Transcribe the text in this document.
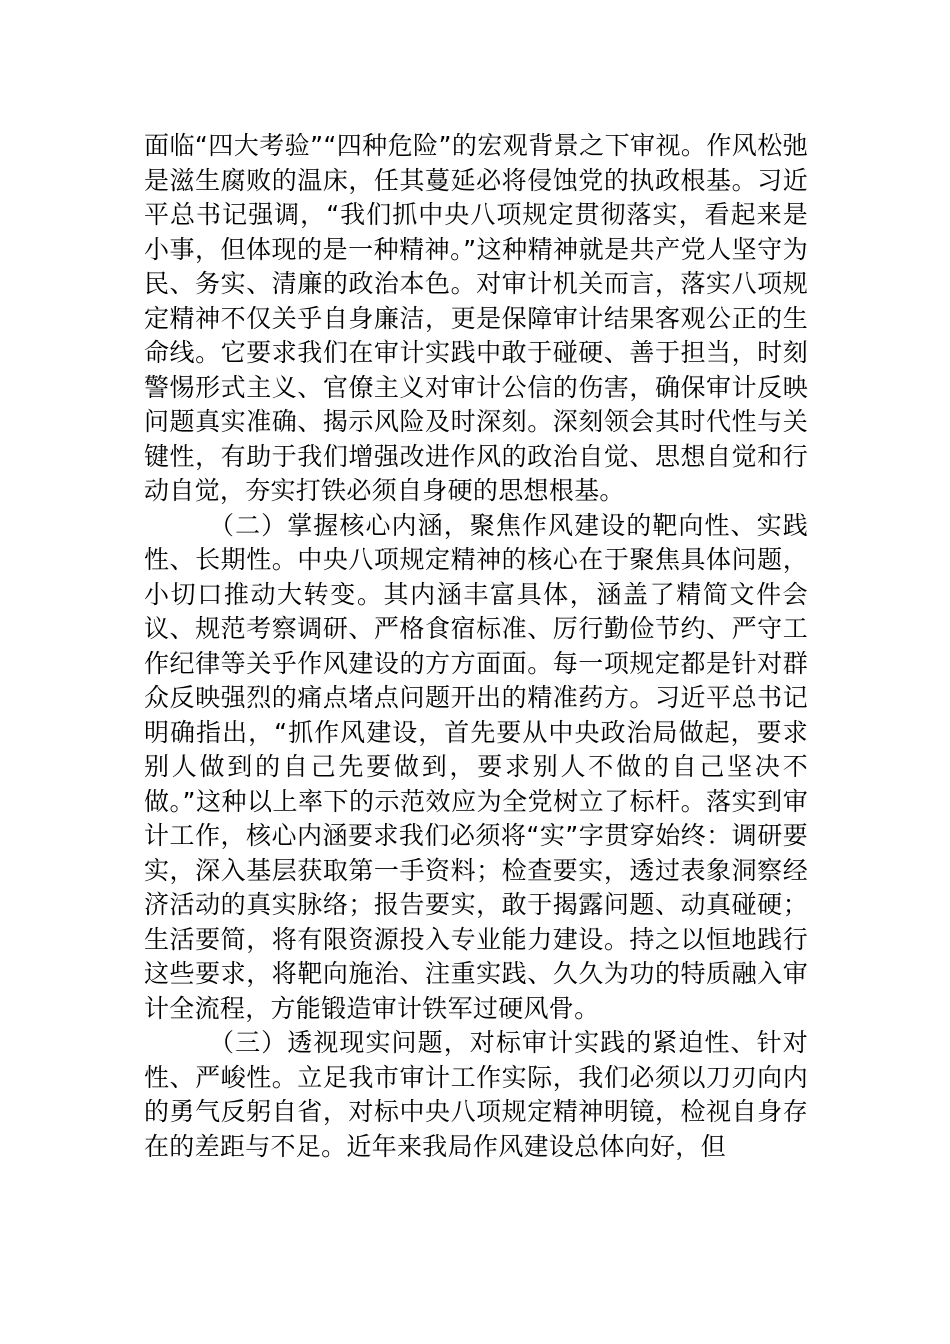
面临“四大考验”“四种危险”的宏观背景之下审视。作风松弛是滋生腐败的温床，任其蔓延必将侵蚀党的执政根基。习近平总书记强调，“我们抓中央八项规定贯彻落实，看起来是小事，但体现的是一种精神。”这种精神就是共产党人坚守为民、务实、清廉的政治本色。对审计机关而言，落实八项规定精神不仅关乎自身廉洁，更是保障审计结果客观公正的生命线。它要求我们在审计实践中敢于碰硬、善于担当，时刻警惕形式主义、官僚主义对审计公信的伤害，确保审计反映问题真实准确、揭示风险及时深刻。深刻领会其时代性与关键性，有助于我们增强改进作风的政治自觉、思想自觉和行动自觉，夯实打铁必须自身硬的思想根基。

（二）掌握核心内涵，聚焦作风建设的靶向性、实践性、长期性。中央八项规定精神的核心在于聚焦具体问题，小切口推动大转变。其内涵丰富具体，涵盖了精简文件会议、规范考察调研、严格食宿标准、厉行勤俭节约、严守工作纪律等关乎作风建设的方方面面。每一项规定都是针对群众反映强烈的痛点堵点问题开出的精准药方。习近平总书记明确指出，“抓作风建设，首先要从中央政治局做起，要求别人做到的自己先要做到，要求别人不做的自己坚决不做。”这种以上率下的示范效应为全党树立了标杆。落实到审计工作，核心内涵要求我们必须将“实”字贯穿始终：调研要实，深入基层获取第一手资料；检查要实，透过表象洞察经济活动的真实脉络；报告要实，敢于揭露问题、动真碰硬；生活要简，将有限资源投入专业能力建设。持之以恒地践行这些要求，将靶向施治、注重实践、久久为功的特质融入审计全流程，方能锻造审计铁军过硬风骨。

（三）透视现实问题，对标审计实践的紧迫性、针对性、严峻性。立足我市审计工作实际，我们必须以刀刃向内的勇气反躬自省，对标中央八项规定精神明镜，检视自身存在的差距与不足。近年来我局作风建设总体向好，但
